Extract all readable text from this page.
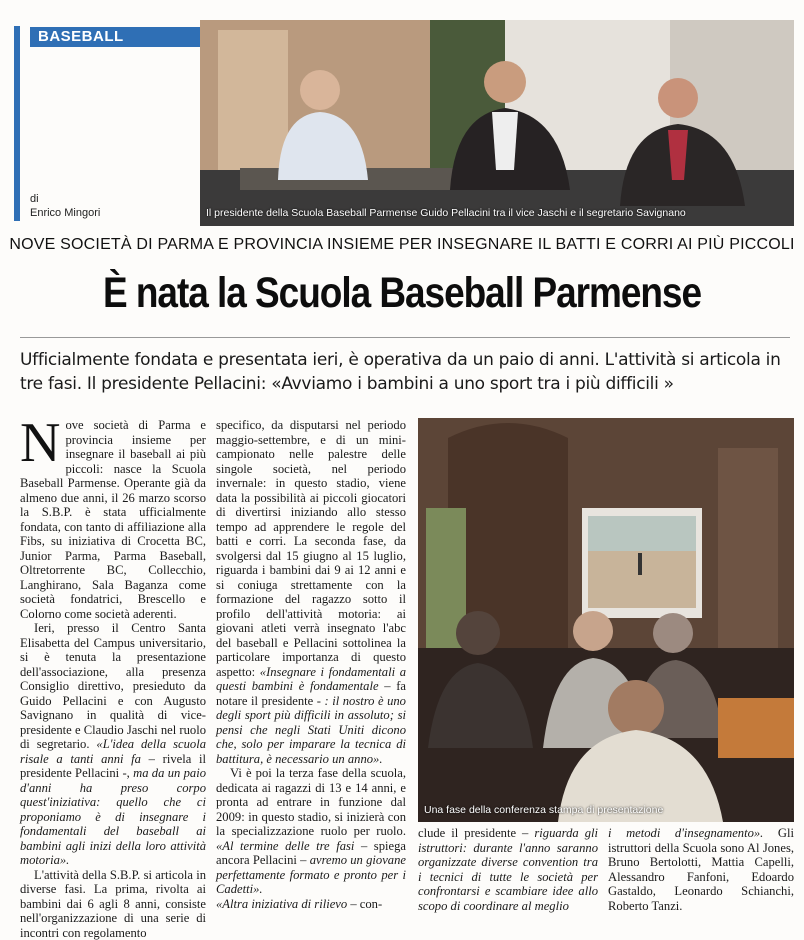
BASEBALL
di
Enrico Mingori	Il presidente della Scuola Baseball Parmense Guido Pellacini tra il vice Jaschi e il segretario Savignano
NOVE SOCIETÀ DI PARMA E PROVINCIA INSIEME PER INSEGNARE IL BATTI E CORRI AI PIÙ PICCOLI
È nata la Scuola Baseball Parmense
Ufficialmente fondata e presentata ieri, è operativa da un paio di anni. L'attività si articola in tre fasi. Il presidente Pellacini: «Avviamo i bambini a uno sport tra i più difficili »

Nove società di Parma e provincia insieme per insegnare il baseball ai più piccoli: nasce la Scuola Baseball Parmense. Operante già da almeno due anni, il 26 marzo scorso la S.B.P. è stata ufficialmente fondata, con tanto di affiliazione alla Fibs, su iniziativa di Crocetta BC, Junior Parma, Parma Baseball, Oltretorrente BC, Collecchio, Langhirano, Sala Baganza come società fondatrici, Brescello e Colorno come società aderenti.

Ieri, presso il Centro Santa Elisabetta del Campus universitario, si è tenuta la presentazione dell'associazione, alla presenza Consiglio direttivo, presieduto da Guido Pellacini e con Augusto Savignano in qualità di vice-presidente e Claudio Jaschi nel ruolo di segretario. «L'idea della scuola risale a tanti anni fa – rivela il presidente Pellacini -, ma da un paio d'anni ha preso corpo quest'iniziativa: quello che ci proponiamo è di insegnare i fondamentali del baseball ai bambini agli inizi della loro attività motoria».

L'attività della S.B.P. si articola in diverse fasi. La prima, rivolta ai bambini dai 6 agli 8 anni, consiste nell'organizzazione di una serie di incontri con regolamento

specifico, da disputarsi nel periodo maggio-settembre, e di un mini-campionato nelle palestre delle singole società, nel periodo invernale: in questo stadio, viene data la possibilità ai piccoli giocatori di divertirsi iniziando allo stesso tempo ad apprendere le regole del batti e corri. La seconda fase, da svolgersi dal 15 giugno al 15 luglio, riguarda i bambini dai 9 ai 12 anni e si coniuga strettamente con la formazione del ragazzo sotto il profilo dell'attività motoria: ai giovani atleti verrà insegnato l'abc del baseball e Pellacini sottolinea la particolare importanza di questo aspetto: «Insegnare i fondamentali a questi bambini è fondamentale – fa notare il presidente - : il nostro è uno degli sport più difficili in assoluto; si pensi che negli Stati Uniti dicono che, solo per imparare la tecnica di battitura, è necessario un anno».

Vi è poi la terza fase della scuola, dedicata ai ragazzi di 13 e 14 anni, e pronta ad entrare in funzione dal 2009: in questo stadio, si inizierà con la specializzazione ruolo per ruolo. «Al termine delle tre fasi – spiega ancora Pellacini – avremo un giovane perfettamente formato e pronto per i Cadetti».
«Altra iniziativa di rilievo – con-

Una fase della conferenza stampa di presentazione

clude il presidente – riguarda gli istruttori: durante l'anno saranno organizzate diverse convention tra i tecnici di tutte le società per confrontarsi e scambiare idee allo scopo di coordinare al meglio

i metodi d'insegnamento». Gli istruttori della Scuola sono Al Jones, Bruno Bertolotti, Mattia Capelli, Alessandro Fanfoni, Edoardo Gastaldo, Leonardo Schianchi, Roberto Tanzi.
